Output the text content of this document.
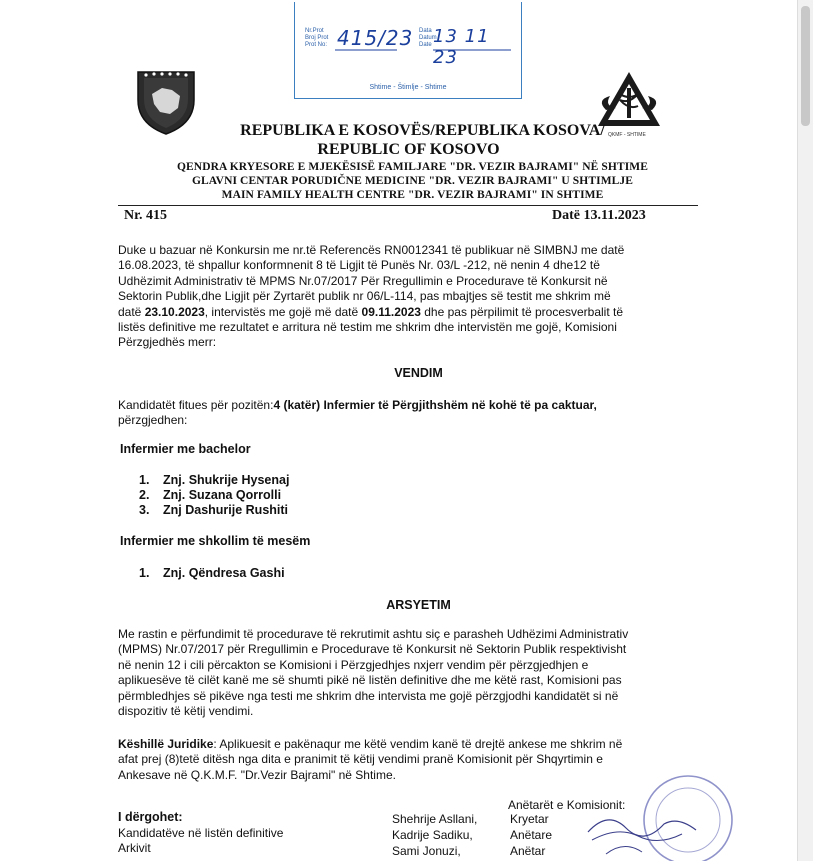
Nr.Prot
Broj Prot
Prot No: 415/23 Data
Datum
Date 13 11 23
Shtime - Štimlje - Shtime
QKMF - SHTIME
REPUBLIKA E KOSOVËS/REPUBLIKA KOSOVA/
REPUBLIC OF KOSOVO
QENDRA KRYESORE E MJEKËSISË FAMILJARE "DR. VEZIR BAJRAMI" NË SHTIME
GLAVNI CENTAR PORUDIČNE MEDICINE "DR. VEZIR BAJRAMI" U SHTIMLJE
MAIN FAMILY HEALTH CENTRE "DR. VEZIR BAJRAMI" IN SHTIME
Nr. 415	Datë 13.11.2023
Duke u bazuar në Konkursin me nr.të Referencës RN0012341 të publikuar në SIMBNJ me datë
16.08.2023, të shpallur konformnenit 8 të Ligjit të Punës Nr. 03/L -212, në nenin 4 dhe12 të
Udhëzimit Administrativ të MPMS Nr.07/2017 Për Rregullimin e Procedurave të Konkursit në
Sektorin Publik,dhe Ligjit për Zyrtarët publik nr 06/L-114, pas mbajtjes së testit me shkrim më
datë 23.10.2023, intervistës me gojë më datë 09.11.2023 dhe pas përpilimit të procesverbalit të
listës definitive me rezultatet e arritura në testim me shkrim dhe intervistën me gojë, Komisioni
Përzgjedhës merr:
VENDIM
Kandidatët fitues për pozitën:4 (katër) Infermier të Përgjithshëm në kohë të pa caktuar,
përzgjedhen:
Infermier me bachelor
1. Znj. Shukrije Hysenaj
2. Znj. Suzana Qorrolli
3. Znj Dashurije Rushiti
Infermier me shkollim të mesëm
1. Znj. Qëndresa Gashi
ARSYETIM
Me rastin e përfundimit të procedurave të rekrutimit ashtu siç e parasheh Udhëzimi Administrativ
(MPMS) Nr.07/2017 për Rregullimin e Procedurave të Konkursit në Sektorin Publik respektivisht
në nenin 12 i cili përcakton se Komisioni i Përzgjedhjes nxjerr vendim për përzgjedhjen e
aplikuesëve të cilët kanë me së shumti pikë në listën definitive dhe me këtë rast, Komisioni pas
përmbledhjes së pikëve nga testi me shkrim dhe intervista me gojë përzgjodhi kandidatët si në
dispozitiv të këtij vendimi.
Këshillë Juridike: Aplikuesit e pakënaqur me këtë vendim kanë të drejtë ankese me shkrim në
afat prej (8)tetë ditësh nga dita e pranimit të këtij vendimi pranë Komisionit për Shqyrtimin e
Ankesave në Q.K.M.F. "Dr.Vezir Bajrami" në Shtime.
I dërgohet:
Kandidatëve në listën definitive
Arkivit
Anëtarët e Komisionit:
Shehrije Asllani,	Kryetar
Kadrije Sadiku,	Anëtare
Sami Jonuzi,	Anëtar
